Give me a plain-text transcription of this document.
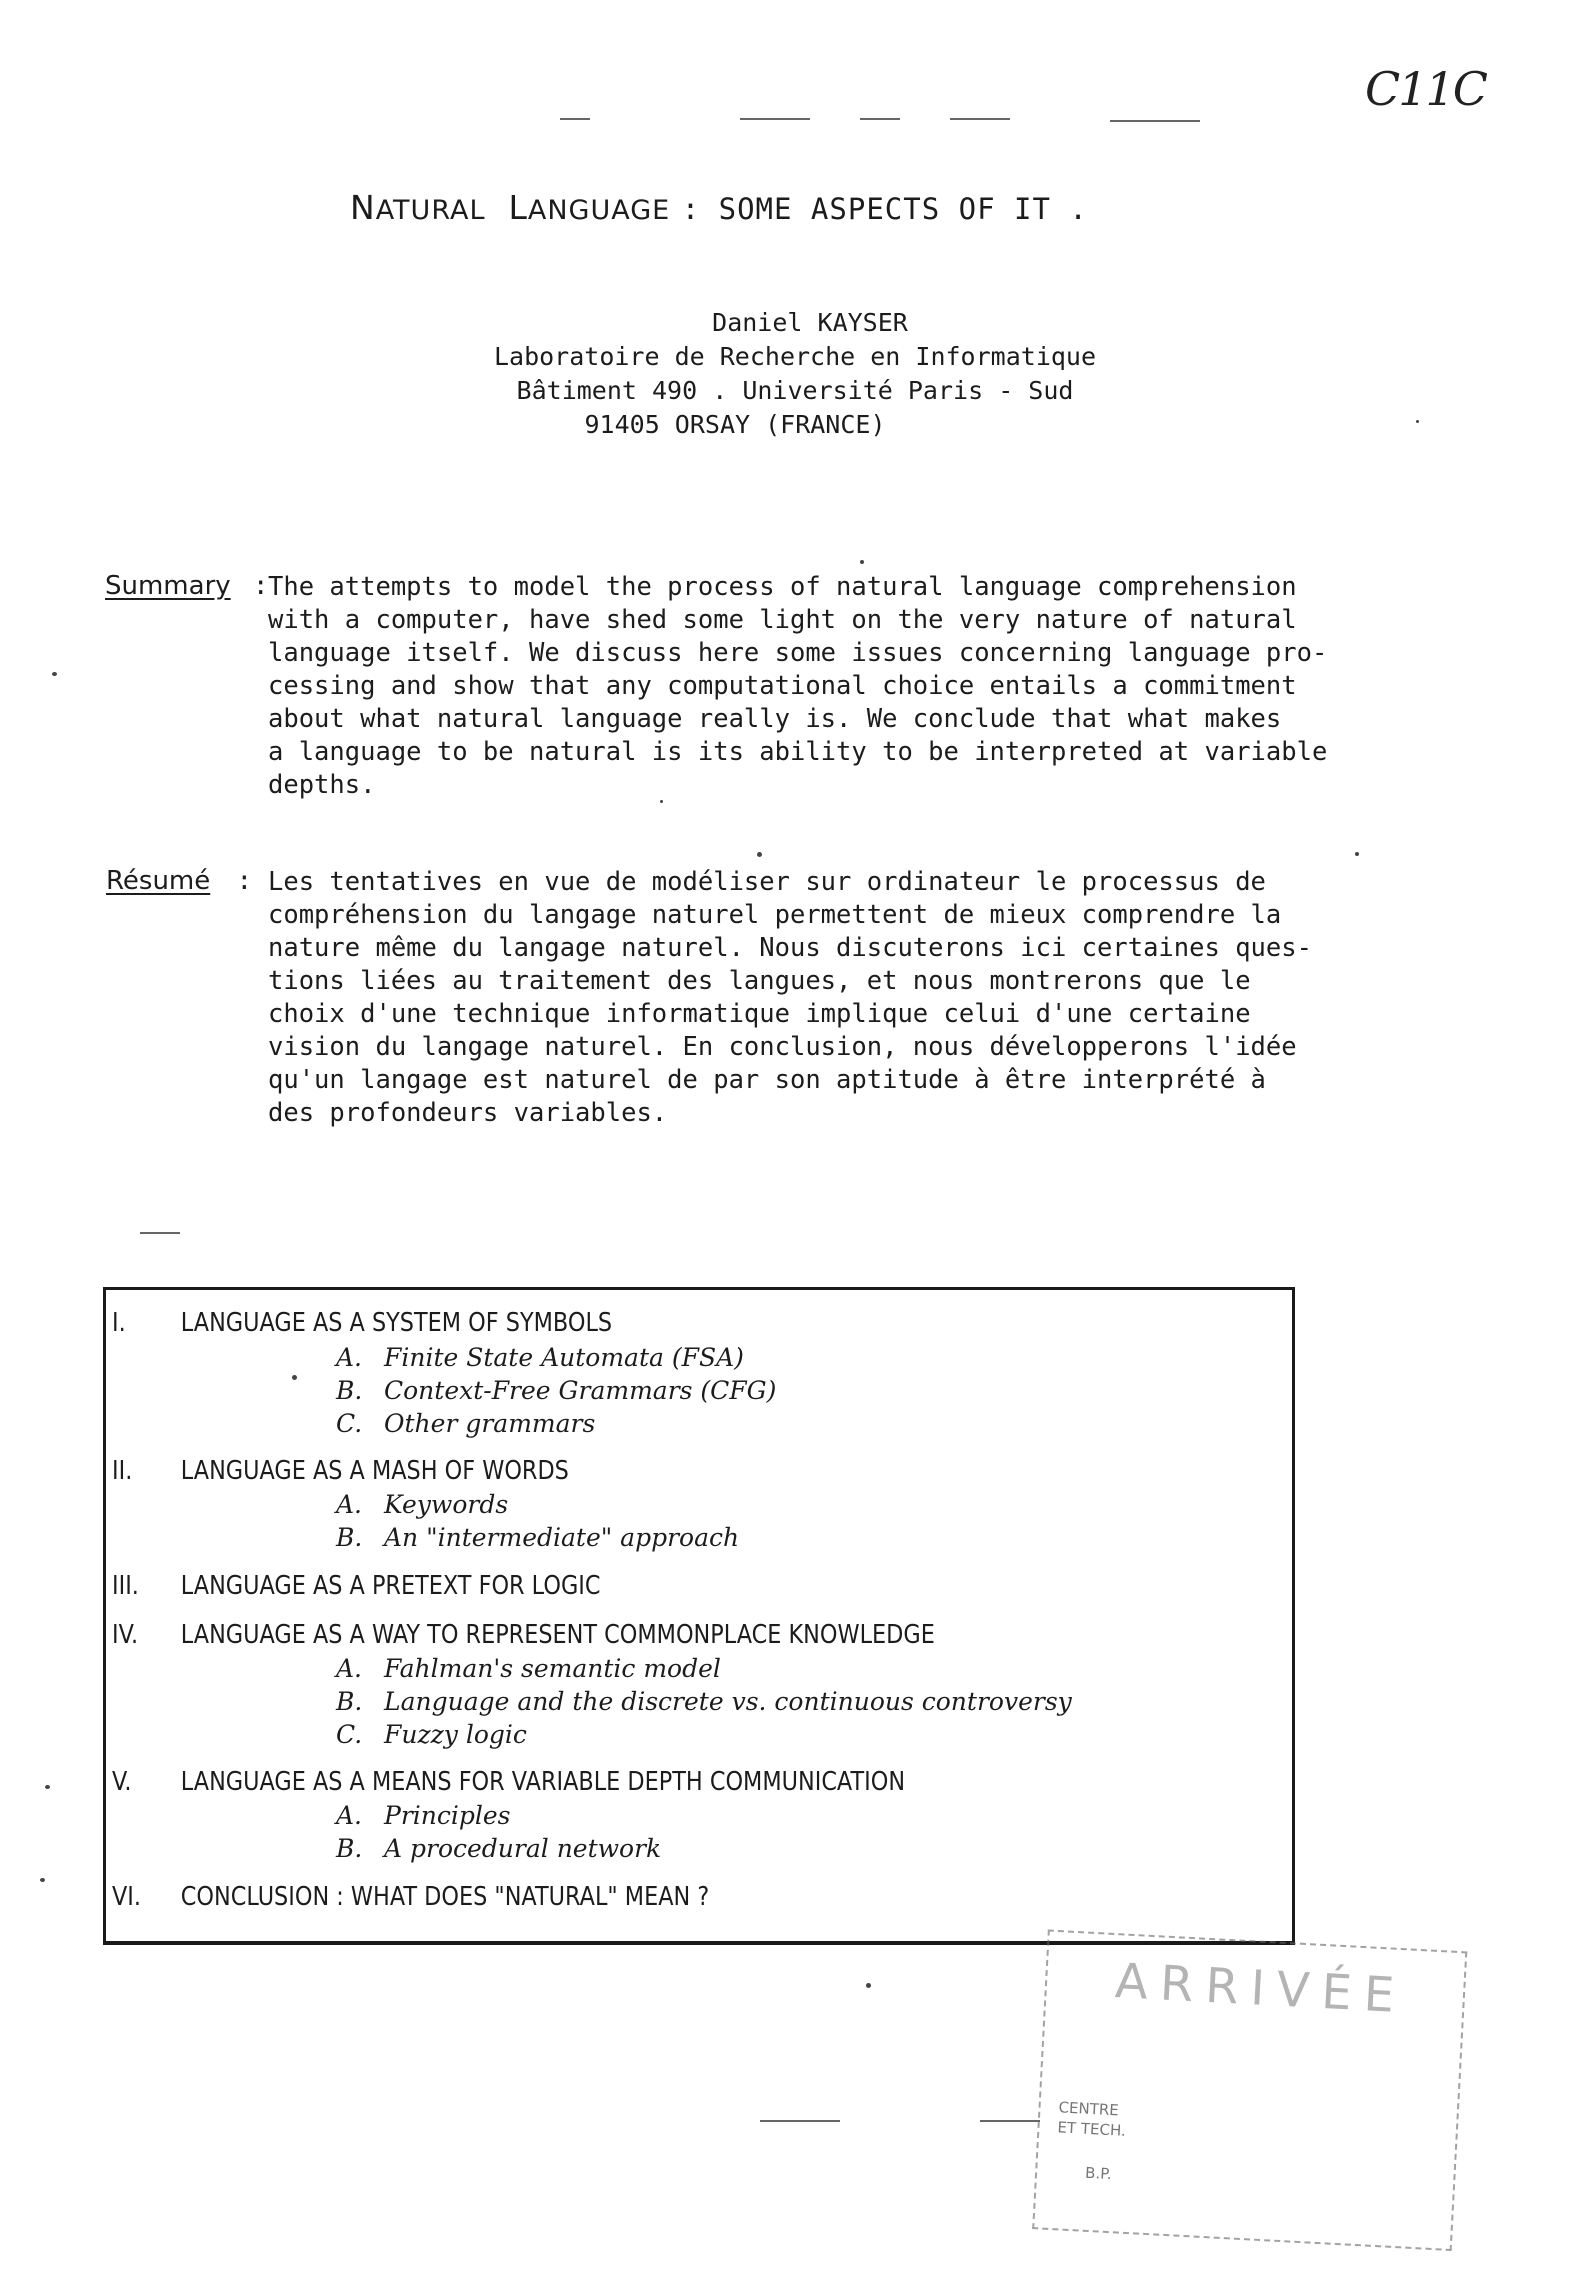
C11C
NATURAL LANGUAGE : SOME ASPECTS OF IT .
Daniel KAYSER
Laboratoire de Recherche en Informatique
Bâtiment 490 . Université Paris - Sud
91405 ORSAY (FRANCE)
Summary : The attempts to model the process of natural language comprehension
with a computer, have shed some light on the very nature of natural
language itself. We discuss here some issues concerning language pro-
cessing and show that any computational choice entails a commitment
about what natural language really is. We conclude that what makes
a language to be natural is its ability to be interpreted at variable
depths.
Résumé : Les tentatives en vue de modéliser sur ordinateur le processus de
compréhension du langage naturel permettent de mieux comprendre la
nature même du langage naturel. Nous discuterons ici certaines ques-
tions liées au traitement des langues, et nous montrerons que le
choix d'une technique informatique implique celui d'une certaine
vision du langage naturel. En conclusion, nous développerons l'idée
qu'un langage est naturel de par son aptitude à être interprété à
des profondeurs variables.
I. LANGUAGE AS A SYSTEM OF SYMBOLS
A. Finite State Automata (FSA)
B. Context-Free Grammars (CFG)
C. Other grammars
II. LANGUAGE AS A MASH OF WORDS
A. Keywords
B. An "intermediate" approach
III. LANGUAGE AS A PRETEXT FOR LOGIC
IV. LANGUAGE AS A WAY TO REPRESENT COMMONPLACE KNOWLEDGE
A. Fahlman's semantic model
B. Language and the discrete vs. continuous controversy
C. Fuzzy logic
V. LANGUAGE AS A MEANS FOR VARIABLE DEPTH COMMUNICATION
A. Principles
B. A procedural network
VI. CONCLUSION : WHAT DOES "NATURAL" MEAN ?
ARRIVÉE
CENTRE
ET TECH.
B.P.
